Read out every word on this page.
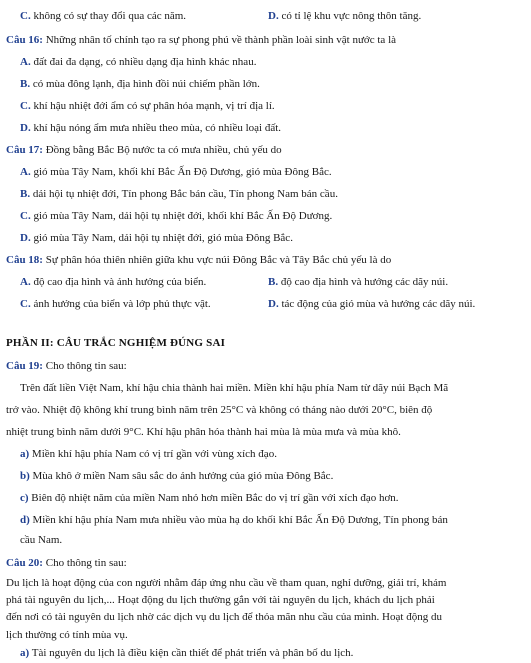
C. không có sự thay đổi qua các năm.	D. có tỉ lệ khu vực nông thôn tăng.
Câu 16: Những nhân tố chính tạo ra sự phong phú về thành phần loài sinh vật nước ta là
A. đất đai đa dạng, có nhiều dạng địa hình khác nhau.
B. có mùa đông lạnh, địa hình đồi núi chiếm phần lớn.
C. khí hậu nhiệt đới ẩm có sự phân hóa mạnh, vị trí địa lí.
D. khí hậu nóng ẩm mưa nhiều theo mùa, có nhiều loại đất.
Câu 17: Đồng bằng Bắc Bộ nước ta có mưa nhiều, chủ yếu do
A. gió mùa Tây Nam, khối khí Bắc Ấn Độ Dương, gió mùa Đông Bắc.
B. dải hội tụ nhiệt đới, Tín phong Bắc bán cầu, Tín phong Nam bán cầu.
C. gió mùa Tây Nam, dải hội tụ nhiệt đới, khối khí Bắc Ấn Độ Dương.
D. gió mùa Tây Nam, dải hội tụ nhiệt đới, gió mùa Đông Bắc.
Câu 18: Sự phân hóa thiên nhiên giữa khu vực núi Đông Bắc và Tây Bắc chủ yếu là do
A. độ cao địa hình và ảnh hưởng của biển.	B. độ cao địa hình và hướng các dãy núi.
C. ảnh hưởng của biển và lớp phủ thực vật.	D. tác động của gió mùa và hướng các dãy núi.
PHẦN II: CÂU TRẮC NGHIỆM ĐÚNG SAI
Câu 19: Cho thông tin sau:
Trên đất liền Việt Nam, khí hậu chia thành hai miền. Miền khí hậu phía Nam từ dãy núi Bạch Mã
trở vào. Nhiệt độ không khí trung bình năm trên 25°C và không có tháng nào dưới 20°C, biên độ
nhiệt trung bình năm dưới 9°C. Khí hậu phân hóa thành hai mùa là mùa mưa và mùa khô.
a) Miền khí hậu phía Nam có vị trí gần với vùng xích đạo.
b) Mùa khô ở miền Nam sâu sắc do ảnh hưởng của gió mùa Đông Bắc.
c) Biên độ nhiệt năm của miền Nam nhỏ hơn miền Bắc do vị trí gần với xích đạo hơn.
d) Miền khí hậu phía Nam mưa nhiều vào mùa hạ do khối khí Bắc Ấn Độ Dương, Tín phong bán
cầu Nam.
Câu 20: Cho thông tin sau:
Du lịch là hoạt động của con người nhằm đáp ứng nhu cầu về tham quan, nghỉ dưỡng, giải trí, khám
phá tài nguyên du lịch,... Hoạt động du lịch thường gắn với tài nguyên du lịch, khách du lịch phải
đến nơi có tài nguyên du lịch nhờ các dịch vụ du lịch để thỏa mãn nhu cầu của mình. Hoạt động du
lịch thường có tính mùa vụ.
a) Tài nguyên du lịch là điều kiện cần thiết để phát triển và phân bố du lịch.
